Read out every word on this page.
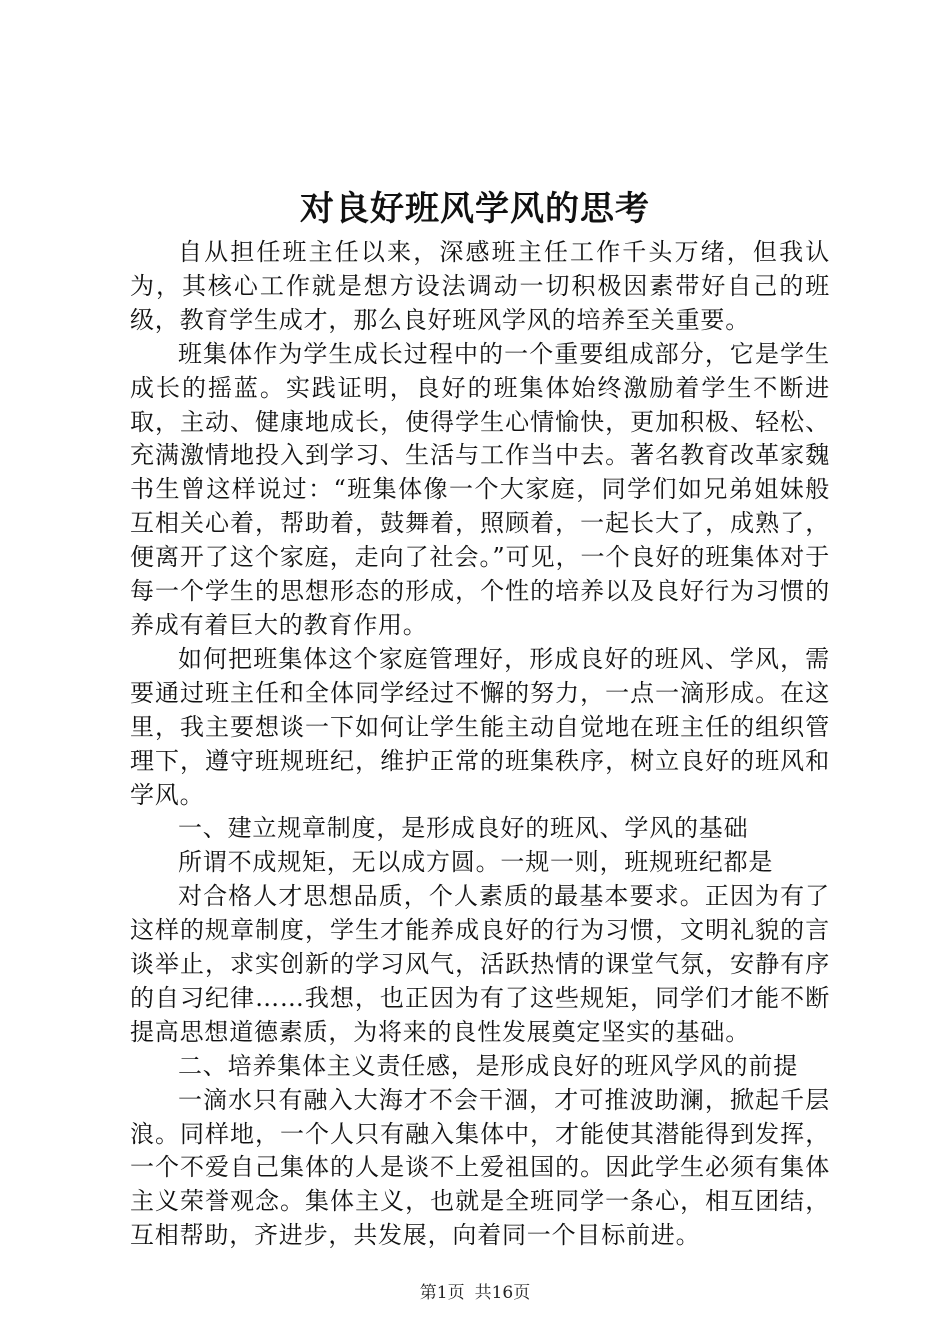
对良好班风学风的思考

自从担任班主任以来，深感班主任工作千头万绪，但我认为，其核心工作就是想方设法调动一切积极因素带好自己的班级，教育学生成才，那么良好班风学风的培养至关重要。

班集体作为学生成长过程中的一个重要组成部分，它是学生成长的摇蓝。实践证明，良好的班集体始终激励着学生不断进取，主动、健康地成长，使得学生心情愉快，更加积极、轻松、充满激情地投入到学习、生活与工作当中去。著名教育改革家魏书生曾这样说过：“班集体像一个大家庭，同学们如兄弟姐妹般互相关心着，帮助着，鼓舞着，照顾着，一起长大了，成熟了，便离开了这个家庭，走向了社会。”可见，一个良好的班集体对于每一个学生的思想形态的形成，个性的培养以及良好行为习惯的养成有着巨大的教育作用。

如何把班集体这个家庭管理好，形成良好的班风、学风，需要通过班主任和全体同学经过不懈的努力，一点一滴形成。在这里，我主要想谈一下如何让学生能主动自觉地在班主任的组织管理下，遵守班规班纪，维护正常的班集秩序，树立良好的班风和学风。

一、建立规章制度，是形成良好的班风、学风的基础

所谓不成规矩，无以成方圆。一规一则，班规班纪都是

对合格人才思想品质，个人素质的最基本要求。正因为有了这样的规章制度，学生才能养成良好的行为习惯，文明礼貌的言谈举止，求实创新的学习风气，活跃热情的课堂气氛，安静有序的自习纪律……我想，也正因为有了这些规矩，同学们才能不断提高思想道德素质，为将来的良性发展奠定坚实的基础。

二、培养集体主义责任感，是形成良好的班风学风的前提

一滴水只有融入大海才不会干涸，才可推波助澜，掀起千层浪。同样地，一个人只有融入集体中，才能使其潜能得到发挥，一个不爱自己集体的人是谈不上爱祖国的。因此学生必须有集体主义荣誉观念。集体主义，也就是全班同学一条心，相互团结，互相帮助，齐进步，共发展，向着同一个目标前进。

第1页 共16页
